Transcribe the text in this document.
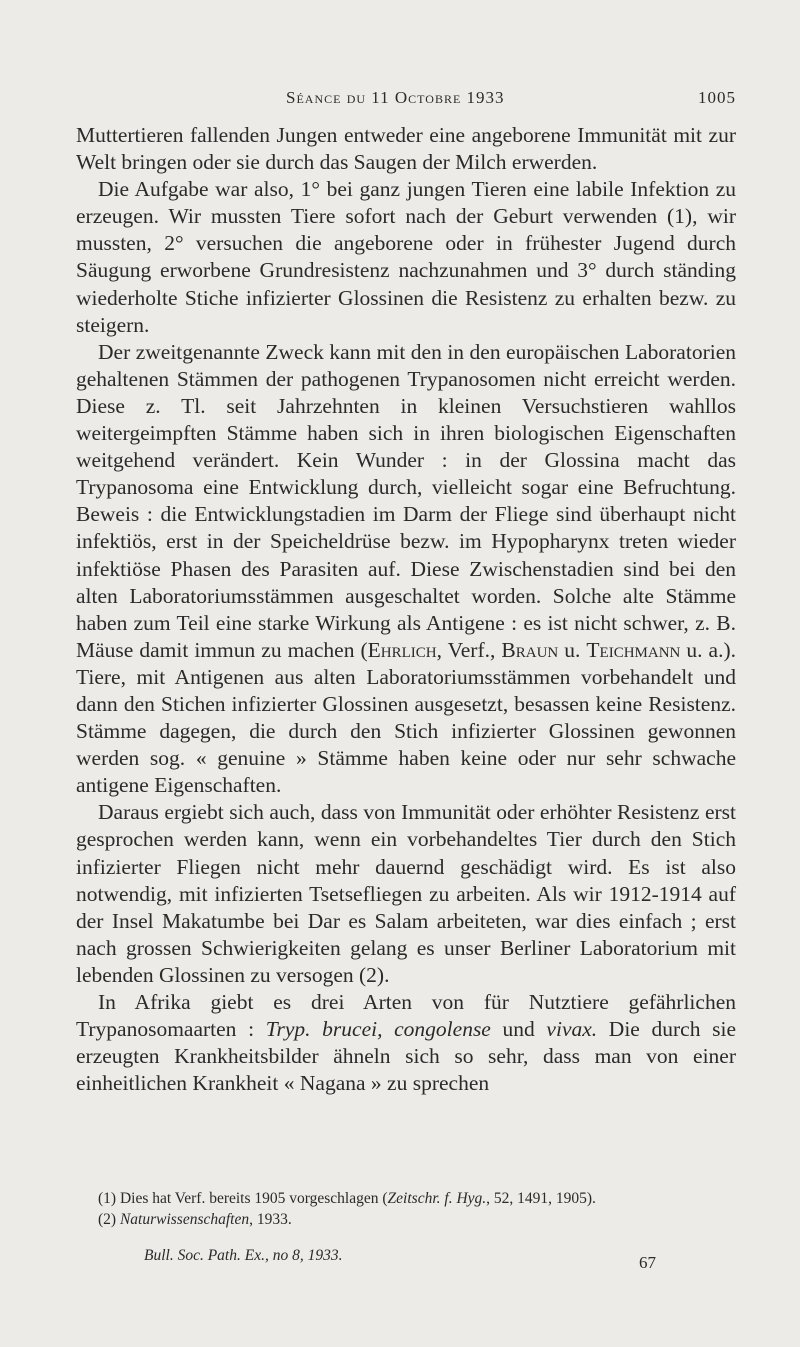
Séance du 11 Octobre 1933	1005

Muttertieren fallenden Jungen entweder eine angeborene Immunität mit zur Welt bringen oder sie durch das Saugen der Milch erwerden.

Die Aufgabe war also, 1° bei ganz jungen Tieren eine labile Infektion zu erzeugen. Wir mussten Tiere sofort nach der Geburt verwenden (1), wir mussten, 2° versuchen die angeborene oder in frühester Jugend durch Säugung erworbene Grundresistenz nachzunahmen und 3° durch ständing wiederholte Stiche infizierter Glossinen die Resistenz zu erhalten bezw. zu steigern.

Der zweitgenannte Zweck kann mit den in den europäischen Laboratorien gehaltenen Stämmen der pathogenen Trypanosomen nicht erreicht werden. Diese z. Tl. seit Jahrzehnten in kleinen Versuchstieren wahllos weitergeimpften Stämme haben sich in ihren biologischen Eigenschaften weitgehend verändert. Kein Wunder : in der Glossina macht das Trypanosoma eine Entwicklung durch, vielleicht sogar eine Befruchtung. Beweis : die Entwicklungstadien im Darm der Fliege sind überhaupt nicht infektiös, erst in der Speicheldrüse bezw. im Hypopharynx treten wieder infektiöse Phasen des Parasiten auf. Diese Zwischenstadien sind bei den alten Laboratoriumsstämmen ausgeschaltet worden. Solche alte Stämme haben zum Teil eine starke Wirkung als Antigene : es ist nicht schwer, z. B. Mäuse damit immun zu machen (Ehrlich, Verf., Braun u. Teichmann u. a.). Tiere, mit Antigenen aus alten Laboratoriumsstämmen vorbehandelt und dann den Stichen infizierter Glossinen ausgesetzt, besassen keine Resistenz. Stämme dagegen, die durch den Stich infizierter Glossinen gewonnen werden sog. « genuine » Stämme haben keine oder nur sehr schwache antigene Eigenschaften.

Daraus ergiebt sich auch, dass von Immunität oder erhöhter Resistenz erst gesprochen werden kann, wenn ein vorbehandeltes Tier durch den Stich infizierter Fliegen nicht mehr dauernd geschädigt wird. Es ist also notwendig, mit infizierten Tsetsefliegen zu arbeiten. Als wir 1912-1914 auf der Insel Makatumbe bei Dar es Salam arbeiteten, war dies einfach ; erst nach grossen Schwierigkeiten gelang es unser Berliner Laboratorium mit lebenden Glossinen zu versogen (2).

In Afrika giebt es drei Arten von für Nutztiere gefährlichen Trypanosomaarten : Tryp. brucei, congolense und vivax. Die durch sie erzeugten Krankheitsbilder ähneln sich so sehr, dass man von einer einheitlichen Krankheit « Nagana » zu sprechen

(1) Dies hat Verf. bereits 1905 vorgeschlagen (Zeitschr. f. Hyg., 52, 1491, 1905).

(2) Naturwissenschaften, 1933.

Bull. Soc. Path. Ex., no 8, 1933.	67
